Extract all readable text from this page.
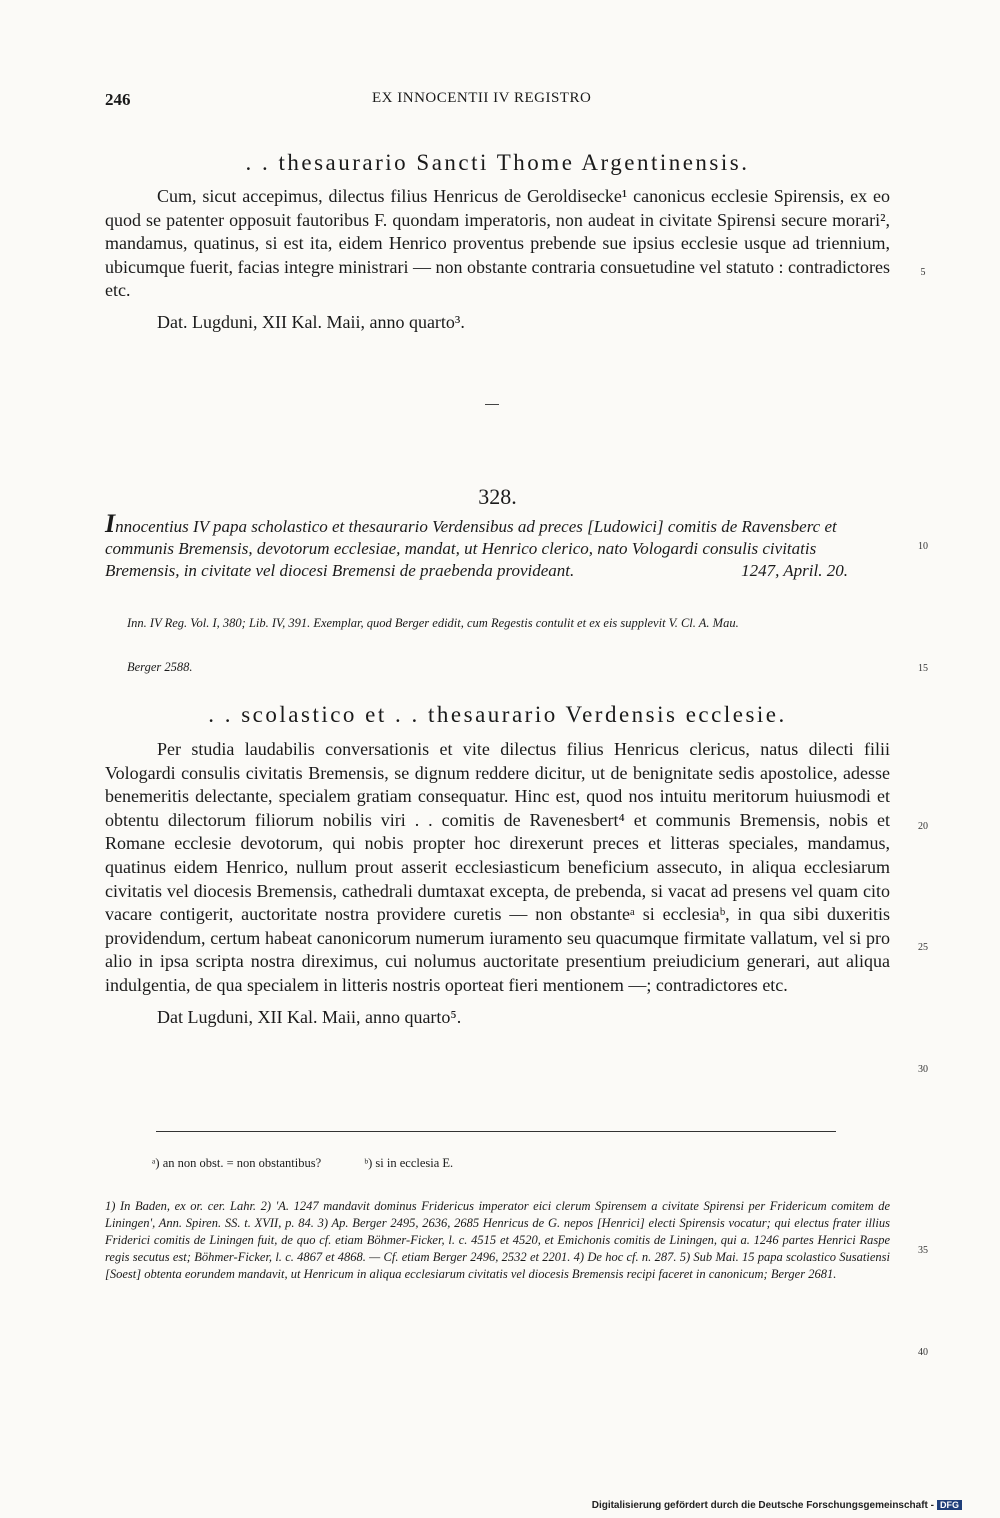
246	EX INNOCENTII IV REGISTRO
. . thesaurario Sancti Thome Argentinensis.

Cum, sicut accepimus, dilectus filius Henricus de Geroldisecke¹ canonicus ecclesie Spirensis, ex eo quod se patenter opposuit fautoribus F. quondam imperatoris, non audeat in civitate Spirensi secure morari², mandamus, quatinus, si est ita, eidem Henrico proventus prebende sue ipsius ecclesie usque ad triennium, ubicumque fuerit, facias integre ministrari — non obstante contraria consuetudine vel statuto : contradictores etc.

Dat. Lugduni, XII Kal. Maii, anno quarto³.

328.
Innocentius IV papa scholastico et thesaurario Verdensibus ad preces [Ludowici] comitis de Ravensberc et communis Bremensis, devotorum ecclesiae, mandat, ut Henrico clerico, nato Vologardi consulis civitatis Bremensis, in civitate vel diocesi Bremensi de praebenda provideant.	1247, April. 20.
Inn. IV Reg. Vol. I, 380; Lib. IV, 391. Exemplar, quod Berger edidit, cum Regestis contulit et ex eis supplevit V. Cl. A. Mau.
Berger 2588.
. . scolastico et . . thesaurario Verdensis ecclesie.

Per studia laudabilis conversationis et vite dilectus filius Henricus clericus, natus dilecti filii Vologardi consulis civitatis Bremensis, se dignum reddere dicitur, ut de benignitate sedis apostolice, adesse benemeritis delectante, specialem gratiam consequatur. Hinc est, quod nos intuitu meritorum huiusmodi et obtentu dilectorum filiorum nobilis viri . . comitis de Ravenesbert⁴ et communis Bremensis, nobis et Romane ecclesie devotorum, qui nobis propter hoc direxerunt preces et litteras speciales, mandamus, quatinus eidem Henrico, nullum prout asserit ecclesiasticum beneficium assecuto, in aliqua ecclesiarum civitatis vel diocesis Bremensis, cathedrali dumtaxat excepta, de prebenda, si vacat ad presens vel quam cito vacare contigerit, auctoritate nostra providere curetis — non obstanteᵃ si ecclesiaᵇ, in qua sibi duxeritis providendum, certum habeat canonicorum numerum iuramento seu quacumque firmitate vallatum, vel si pro alio in ipsa scripta nostra direximus, cui nolumus auctoritate presentium preiudicium generari, aut aliqua indulgentia, de qua specialem in litteris nostris oporteat fieri mentionem —; contradictores etc.

Dat Lugduni, XII Kal. Maii, anno quarto⁵.

5
10
15
20
25
30
35
40
ᵃ) an non obst. = non obstantibus?	ᵇ) si in ecclesia E.
1) In Baden, ex or. cer. Lahr. 2) 'A. 1247 mandavit dominus Fridericus imperator eici clerum Spirensem a civitate Spirensi per Fridericum comitem de Liningen', Ann. Spiren. SS. t. XVII, p. 84. 3) Ap. Berger 2495, 2636, 2685 Henricus de G. nepos [Henrici] electi Spirensis vocatur; qui electus frater illius Friderici comitis de Liningen fuit, de quo cf. etiam Böhmer-Ficker, l. c. 4515 et 4520, et Emichonis comitis de Liningen, qui a. 1246 partes Henrici Raspe regis secutus est; Böhmer-Ficker, l. c. 4867 et 4868. — Cf. etiam Berger 2496, 2532 et 2201. 4) De hoc cf. n. 287. 5) Sub Mai. 15 papa scolastico Susatiensi [Soest] obtenta eorundem mandavit, ut Henricum in aliqua ecclesiarum civitatis vel diocesis Bremensis recipi faceret in canonicum; Berger 2681.
Digitalisierung gefördert durch die Deutsche Forschungsgemeinschaft - DFG
